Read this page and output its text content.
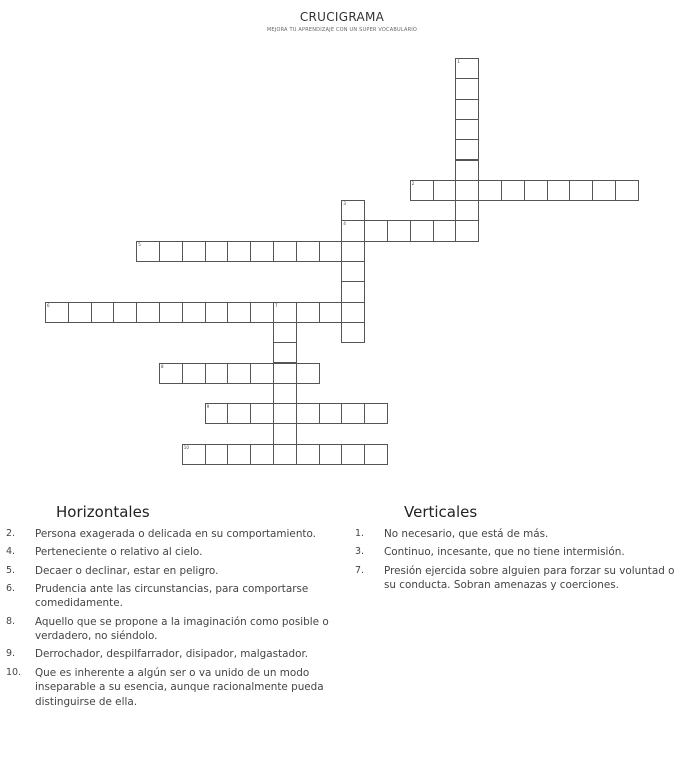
CRUCIGRAMA
MEJORA TU APRENDIZAJE CON UN SUPER VOCABULARIO
1
2
3
4
5
6	7
8
9
10
Horizontales	Verticales
2.	Persona exagerada o delicada en su comportamiento.
4.	Perteneciente o relativo al cielo.
5.	Decaer o declinar, estar en peligro.
6.	Prudencia ante las circunstancias, para comportarse comedidamente.
8.	Aquello que se propone a la imaginación como posible o verdadero, no siéndolo.
9.	Derrochador, despilfarrador, disipador, malgastador.
10.	Que es inherente a algún ser o va unido de un modo inseparable a su esencia, aunque racionalmente pueda distinguirse de ella.
1.	No necesario, que está de más.
3.	Continuo, incesante, que no tiene intermisión.
7.	Presión ejercida sobre alguien para forzar su voluntad o su conducta. Sobran amenazas y coerciones.
